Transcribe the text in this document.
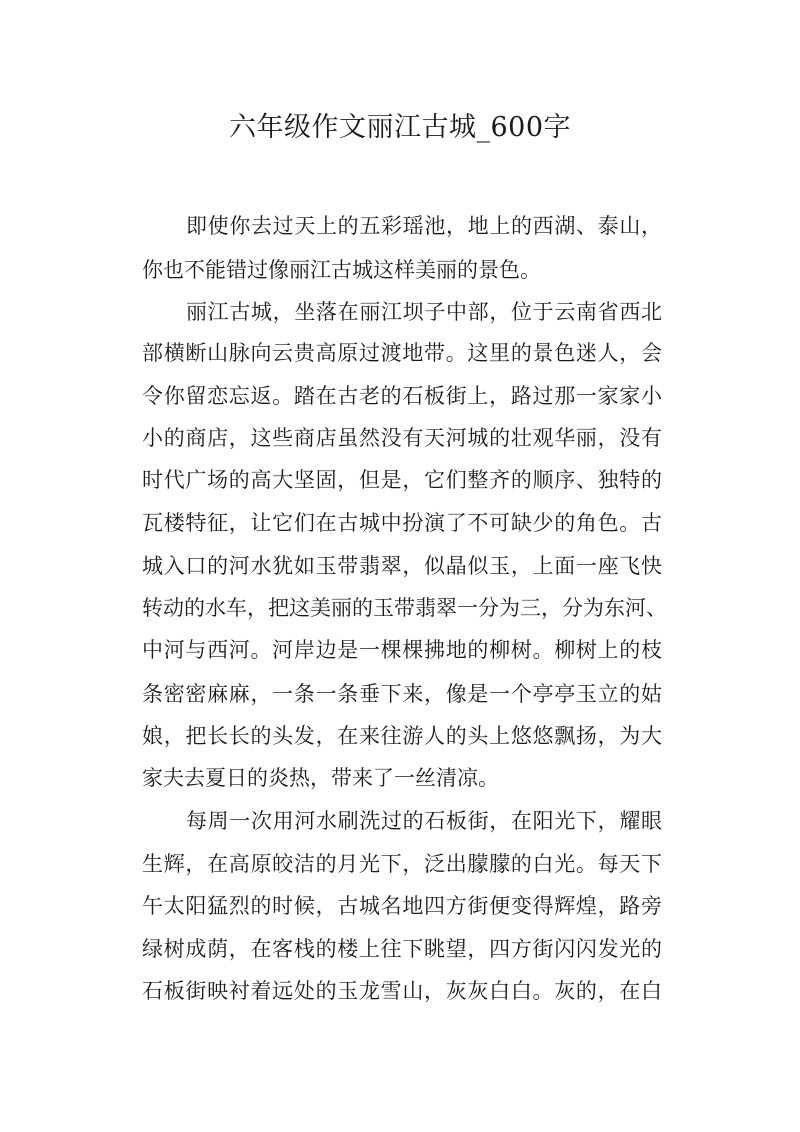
六年级作文丽江古城_600字
即使你去过天上的五彩瑶池，地上的西湖、泰山，
你也不能错过像丽江古城这样美丽的景色。
丽江古城，坐落在丽江坝子中部，位于云南省西北
部横断山脉向云贵高原过渡地带。这里的景色迷人，会
令你留恋忘返。踏在古老的石板街上，路过那一家家小
小的商店，这些商店虽然没有天河城的壮观华丽，没有
时代广场的高大坚固，但是，它们整齐的顺序、独特的
瓦楼特征，让它们在古城中扮演了不可缺少的角色。古
城入口的河水犹如玉带翡翠，似晶似玉，上面一座飞快
转动的水车，把这美丽的玉带翡翠一分为三，分为东河、
中河与西河。河岸边是一棵棵拂地的柳树。柳树上的枝
条密密麻麻，一条一条垂下来，像是一个亭亭玉立的姑
娘，把长长的头发，在来往游人的头上悠悠飘扬，为大
家夫去夏日的炎热，带来了一丝清凉。
每周一次用河水刷洗过的石板街，在阳光下，耀眼
生辉，在高原皎洁的月光下，泛出朦朦的白光。每天下
午太阳猛烈的时候，古城名地四方街便变得辉煌，路旁
绿树成荫，在客栈的楼上往下眺望，四方街闪闪发光的
石板街映衬着远处的玉龙雪山，灰灰白白。灰的，在白
